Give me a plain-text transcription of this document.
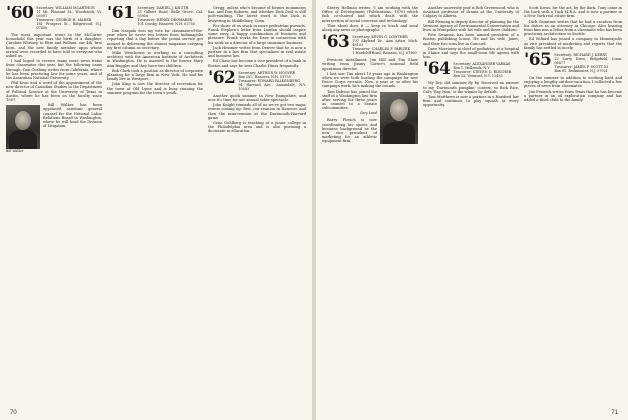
'60 Secretary: WILLIAM MCARTHUR
11 Mt. Pleasant St., Woodstock, Vt. 05091
Treasurer: GEORGE H. MADER
181 Prospect St., Ridgewood, N.J. 07450

The most important event in the McCarter household this year was the birth of a daughter, Caroline Whitney, to Elise and William, our 4th, first born, and the new family member upon whose arrival were recorded to have told to everyone who asked us.

I had hoped to receive many more news items from classmates this year, but the following came through. Dan Cushing writes from California, where he has been practicing law for some years, and of the Australian National University.

Phil Kron and a word of the appointment of the new director of Canadian Studies in the Department of Political Science at the University of Texas in Austin, where he has been on the faculty since 1967.

Bill Walker has been appointed assistant general counsel for the National Labor Relations Board in Washington, where he will head the Division of Litigation.

Bill Walker
70
'61 Secretary: DANIEL J. KNUTH
25 Gilbert Road, Belle Grove, Cal. 93950
Treasurer: HENRY DROMAREK
101 Crosby, Hanover, N.H. 03755

Dan Naspala won my vote for classmate-of-the-year when he wrote two letters from Indianapolis reporting that a day before the postal service got around to delivering the alumni magazine carrying my first column as secretary.

Mike Wenchrone is working as a consulting architect with the American Institute of Architects in Washington. He is married to the former Mary Ann Ruggles and they have two children.

Bob Clark took a position as director of corporate planning for a large firm in New York. He and his family live in Westport.

John King is now the director of recreation for the town of Old Lyme and is busy running the summer program for the town's youth.

Gregg, unless who's become of former roommates has, and Dan Roberts, and whether Dick Deal is still pole-vaulting. The latest word is that Dick is lawyering in Middlebury, Conn.

For those of us stuck in more pedestrian pursuits, Frank Stephen's letter from London should inspire some envy. A happy combination of business and pleasure. Frank works for Dave in connection with his work as a director of a large insurance business.

Jack Hemmer writes from Denver that he is now a partner in a law firm that specializes in real estate and business law.

Ed Chase has become a vice president of a bank in Boston and says he sees Charlie Hines frequently.

'62 Secretary: ARTHUR W. HOOVER
Box 287, Hanover, N.H. 03755
Treasurer: EDWARD FALKENBERG
94 Harvard Ave., Annandale, N.Y. 10583

Another quick summer in New Hampshire, and now it's time for our annual sober spectacle.

John Knight reminds all of us we've got two major events coming up: first, our reunion in Hanover, and then the mini-reunion at the Dartmouth-Harvard game.

Gene Goldberg is teaching at a junior college in the Philadelphia area and is also pursuing a doctorate in education.

Sherry Hellman writes: 'I am working with the Office of Development (Publications, 1970) which Bob co-chaired and which deals with the intersection of social concerns and technology.'

That about does it — keep in touch and send along any news or photographs.

'63 Secretary: KEVIN G. LOWTHER
707 Skyland Dr., Ann Arbor, Mich. 48103
Treasurer: CHARLES F. PARIZEK
1 Hardcliff Road, Ramsen, N.J. 07960

Previous installment, Jim Hill and Tim Shaw writing from Jimmy Carter's national field operations director.

I last saw Tim about 10 years ago in Washington when we were both hosting the campaign for new Peace Corps recruits. Now, a year or so after his campaign work, he's making the rounds.

Tom Dobson has joined the staff of a Washington law firm after serving for three years as counsel to a Senate subcommittee.

Gary Lund

Barry Fleisch is now coordinating his sports and business background as the new vice president of marketing for an athletic equipment firm.

Another university prof is Bob Greenwood, who is assistant professor of drama at the University of Calgary in Alberta.

Bill Fleming is deputy director of planning for the Vermont Agency of Environmental Conservation and lives in Montpelier with his wife and three children.

Pete Swanson has been named president of a Boston publishing house. He and his wife, Janet, and their two sons live in Concord.

Dave Morrissey is chief of pediatrics at a hospital in Maine and says the small-town life agrees with him.

'64 Secretary: ALEXANDER VARKAS
Box 1, Holbrook, N.Y.
Treasurer: STEVEN D. BLECHER
Box 32, Vermont, N.Y. 12455

My Dry, did summer fly by. Received no answer to my 'Dartmouth pumpkin' contest, so Rick Rice, Cal's 'Bay Man,' is the winner by default.

Tom Matthews is now a partner in a Hartford law firm and continues to play squash at every opportunity.

Scott Kress, for the art, by the dark. Tony came in the back with a Tuck M.B.A. and is now a partner in a New York real estate firm.

Dick Gauntner writes that he had a vacation from his duties as an attorney in Chicago. Also hearing from him was a letter from a classmate who has been practicing architecture in Seattle.

Ed Willard has joined a company in Minneapolis as vice president of marketing and reports that the family has settled in nicely.

'65 Secretary: RICHARD J. KERRY
22 Surry Drive, Ridgefield, Conn. 06877
Treasurer: JAMES P. SCOTT III
Box 61, Bedminster, N.J. 07921

On the summer in addition to working hard and enjoying a lengthy outdoor vacation, I collected a few pieces of news from classmates.

Jim Fenwick writes from Texas that he has become a partner in an oil exploration company and has added a third child to the family.

71
